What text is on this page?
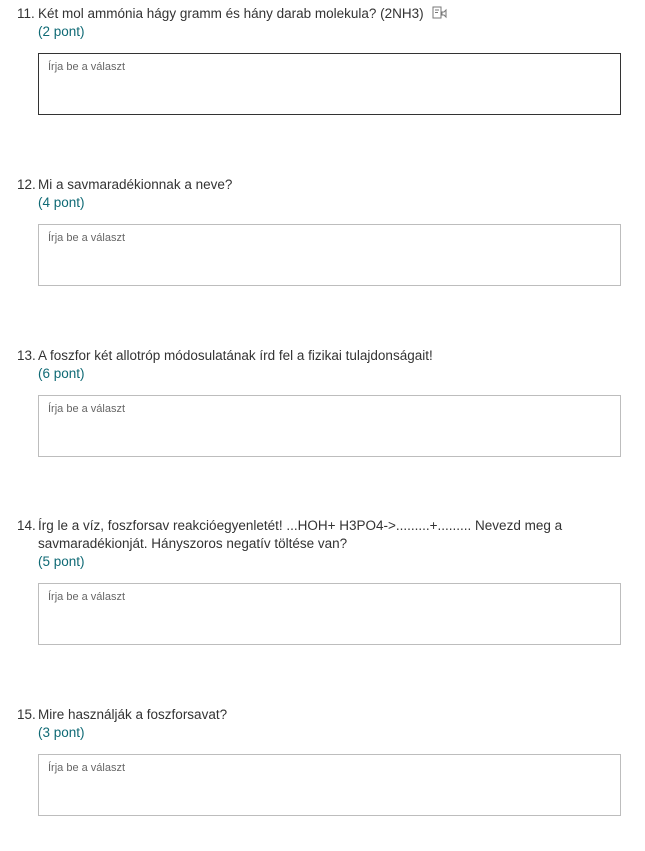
11. Két mol ammónia hágy gramm és hány darab molekula? (2NH3)
(2 pont)
Írja be a választ
12. Mi a savmaradékionnak a neve?
(4 pont)
Írja be a választ
13. A foszfor két allotróp módosulatának írd fel a fizikai tulajdonságait!
(6 pont)
Írja be a választ
14. Írg le a víz, foszforsav reakcióegyenletét! ...HOH+ H3PO4->.........+......... Nevezd meg a savmaradékionját. Hányszoros negatív töltése van?
(5 pont)
Írja be a választ
15. Mire használják a foszforsavat?
(3 pont)
Írja be a választ
